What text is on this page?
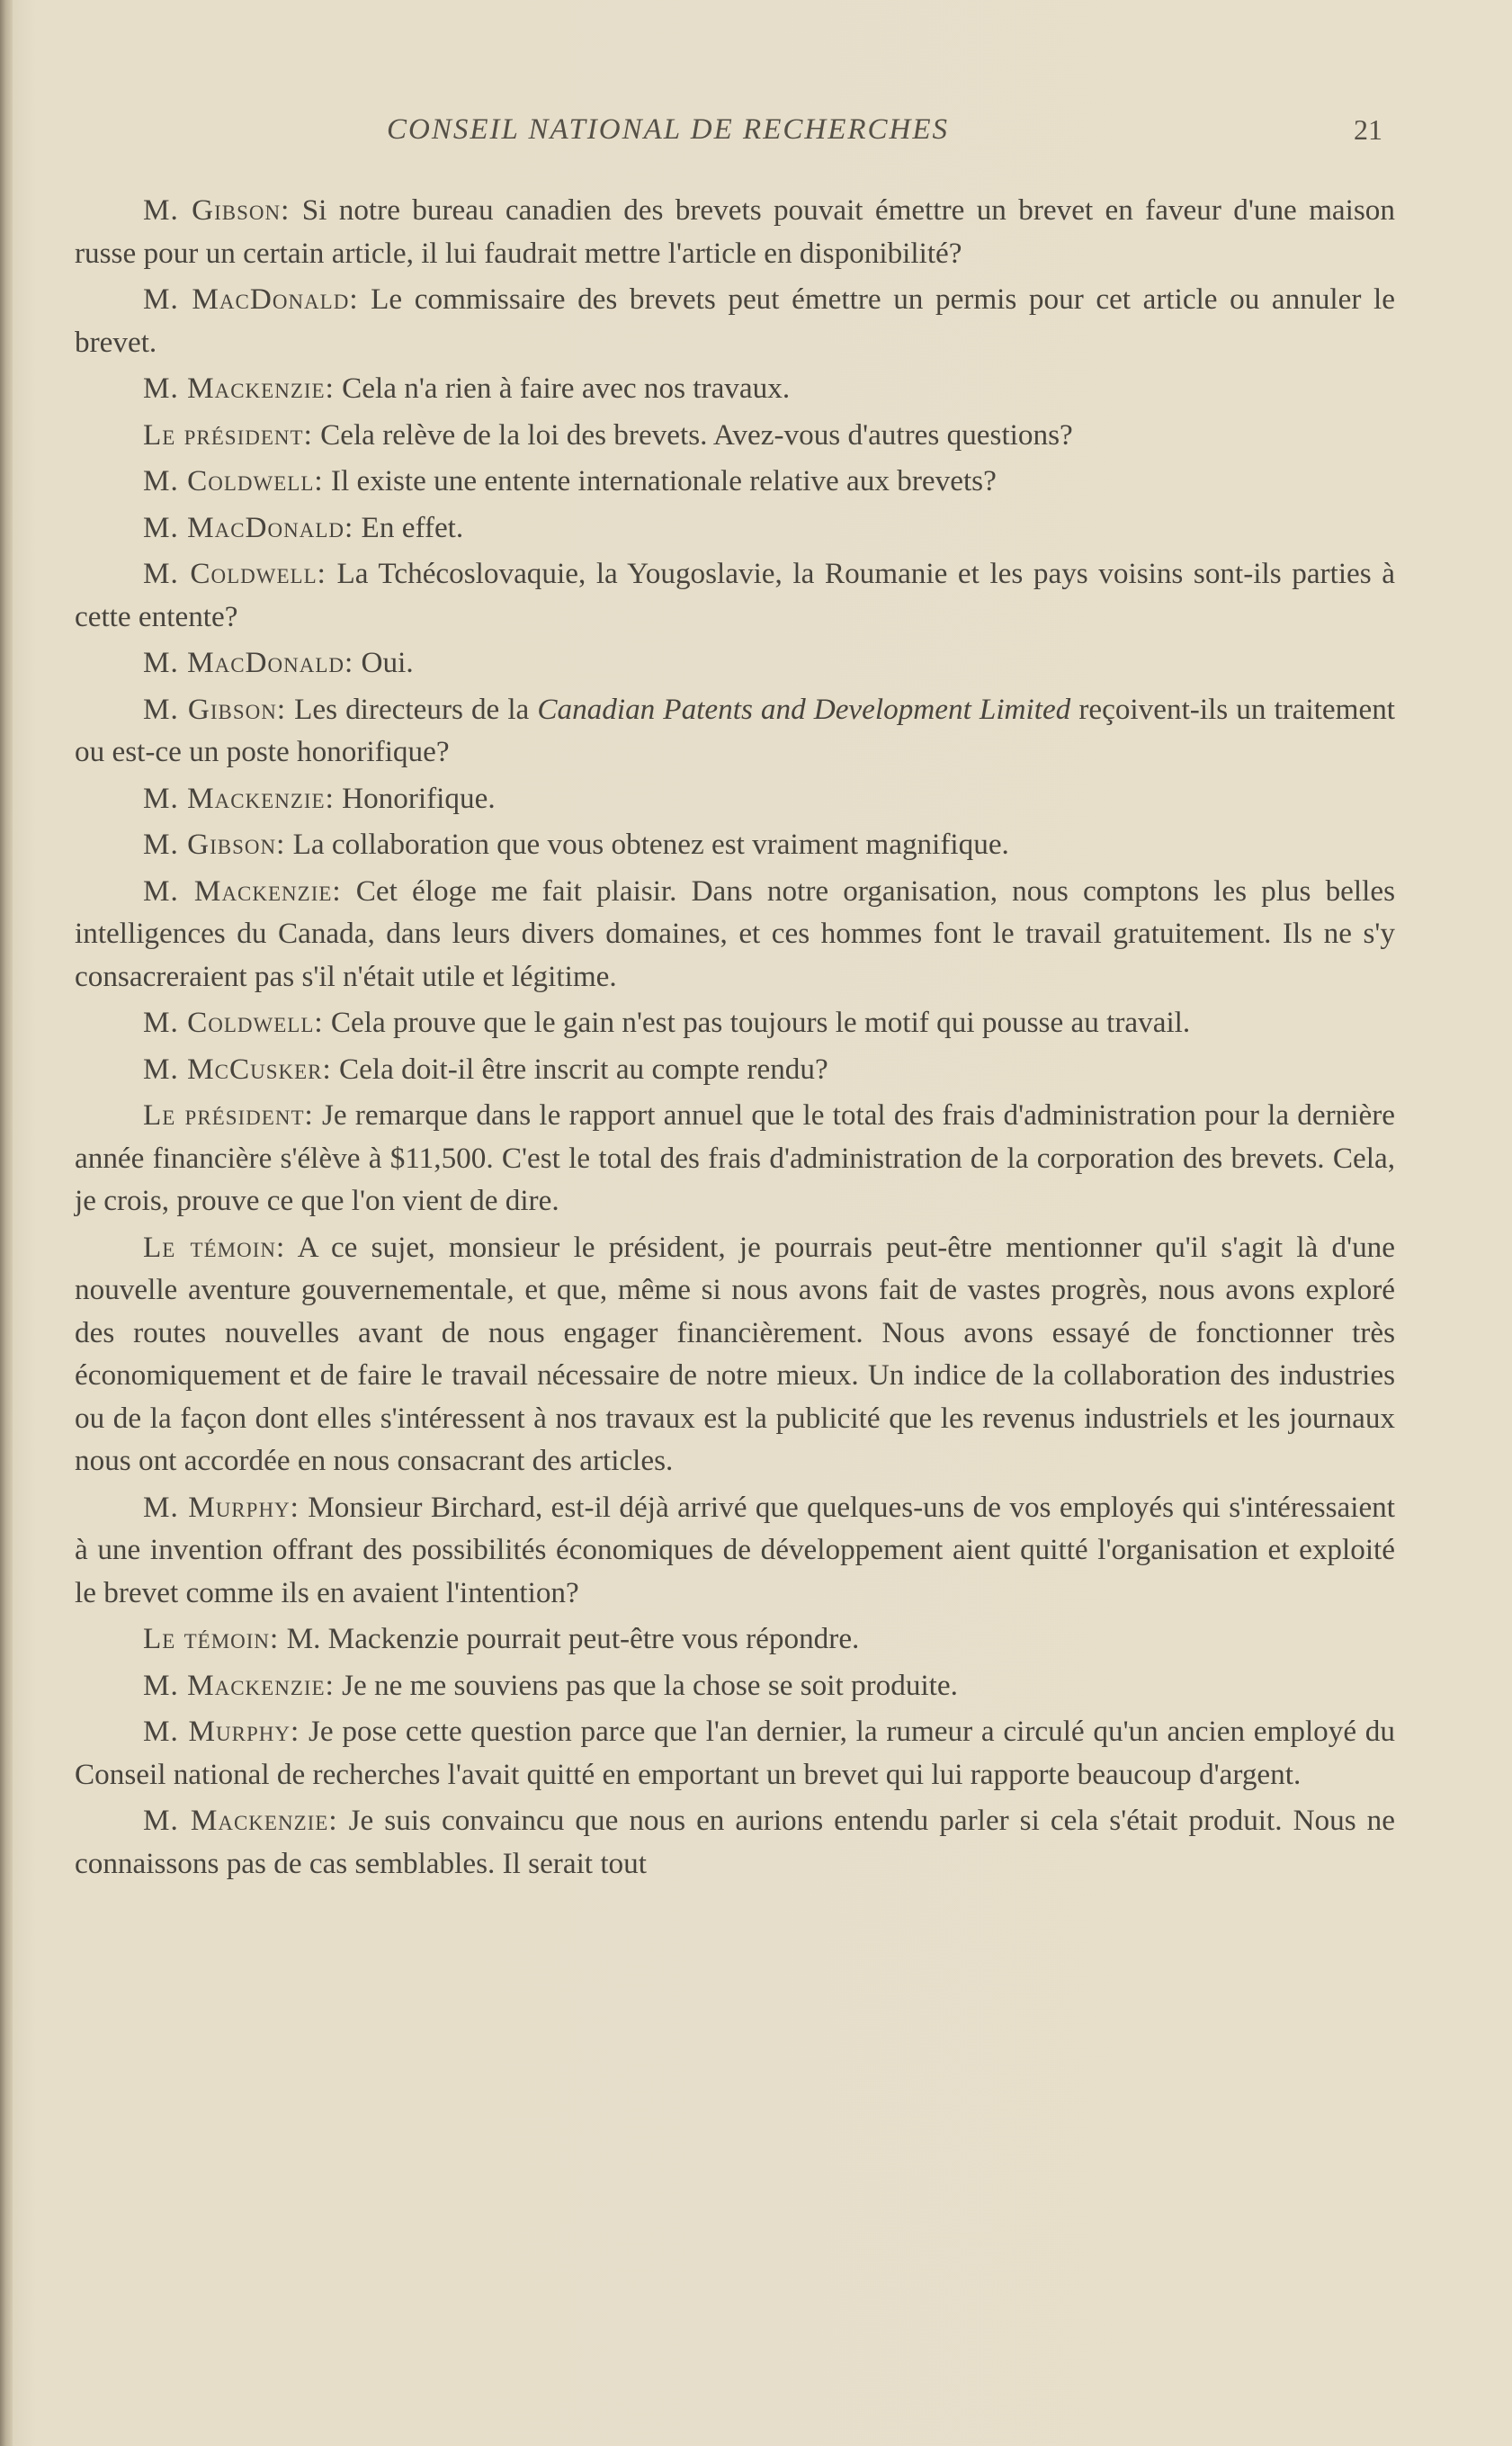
CONSEIL NATIONAL DE RECHERCHES	21

M. Gibson: Si notre bureau canadien des brevets pouvait émettre un brevet en faveur d'une maison russe pour un certain article, il lui faudrait mettre l'article en disponibilité?

M. MacDonald: Le commissaire des brevets peut émettre un permis pour cet article ou annuler le brevet.

M. Mackenzie: Cela n'a rien à faire avec nos travaux.

Le président: Cela relève de la loi des brevets. Avez-vous d'autres questions?

M. Coldwell: Il existe une entente internationale relative aux brevets?

M. MacDonald: En effet.

M. Coldwell: La Tchécoslovaquie, la Yougoslavie, la Roumanie et les pays voisins sont-ils parties à cette entente?

M. MacDonald: Oui.

M. Gibson: Les directeurs de la Canadian Patents and Development Limited reçoivent-ils un traitement ou est-ce un poste honorifique?

M. Mackenzie: Honorifique.

M. Gibson: La collaboration que vous obtenez est vraiment magnifique.

M. Mackenzie: Cet éloge me fait plaisir. Dans notre organisation, nous comptons les plus belles intelligences du Canada, dans leurs divers domaines, et ces hommes font le travail gratuitement. Ils ne s'y consacreraient pas s'il n'était utile et légitime.

M. Coldwell: Cela prouve que le gain n'est pas toujours le motif qui pousse au travail.

M. McCusker: Cela doit-il être inscrit au compte rendu?

Le président: Je remarque dans le rapport annuel que le total des frais d'administration pour la dernière année financière s'élève à $11,500. C'est le total des frais d'administration de la corporation des brevets. Cela, je crois, prouve ce que l'on vient de dire.

Le témoin: A ce sujet, monsieur le président, je pourrais peut-être mentionner qu'il s'agit là d'une nouvelle aventure gouvernementale, et que, même si nous avons fait de vastes progrès, nous avons exploré des routes nouvelles avant de nous engager financièrement. Nous avons essayé de fonctionner très économiquement et de faire le travail nécessaire de notre mieux. Un indice de la collaboration des industries ou de la façon dont elles s'intéressent à nos travaux est la publicité que les revenus industriels et les journaux nous ont accordée en nous consacrant des articles.

M. Murphy: Monsieur Birchard, est-il déjà arrivé que quelques-uns de vos employés qui s'intéressaient à une invention offrant des possibilités économiques de développement aient quitté l'organisation et exploité le brevet comme ils en avaient l'intention?

Le témoin: M. Mackenzie pourrait peut-être vous répondre.

M. Mackenzie: Je ne me souviens pas que la chose se soit produite.

M. Murphy: Je pose cette question parce que l'an dernier, la rumeur a circulé qu'un ancien employé du Conseil national de recherches l'avait quitté en emportant un brevet qui lui rapporte beaucoup d'argent.

M. Mackenzie: Je suis convaincu que nous en aurions entendu parler si cela s'était produit. Nous ne connaissons pas de cas semblables. Il serait tout
